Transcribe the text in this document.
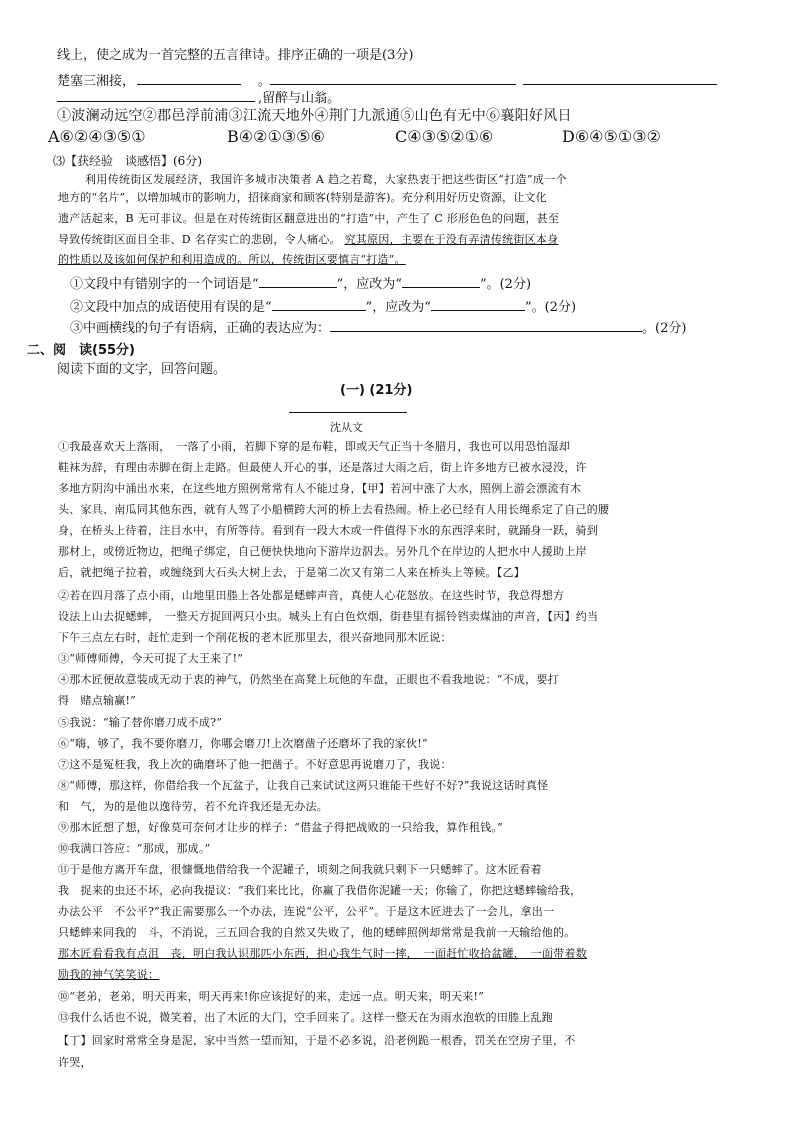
线上，使之成为一首完整的五言律诗。排序正确的一项是(3分)
楚塞三湘接，	。
,留醉与山翁。
①波澜动远空②郡邑浮前浦③江流天地外④荆门九派通⑤山色有无中⑥襄阳好风日
A⑥②④③⑤①	B④②①③⑤⑥	C④③⑤②①⑥	D⑥④⑤①③②
⑶【获经验　谈感悟】(6分)
利用传统街区发展经济，我国许多城市决策者 A 趋之若鹜，大家热衷于把这些街区“打造”成一个
地方的“名片”，以增加城市的影响力，招徕商家和顾客(特别是游客)。充分利用好历史资源，让文化
遗产活起来，B 无可非议。但是在对传统街区翻意进出的“打造”中，产生了 C 形形色色的问题，甚至
导致传统街区面目全非、D 名存实亡的悲剧，令人痛心。 究其原因，主要在于没有弄清传统街区本身
的性质以及该如何保护和利用造成的。所以，传统街区要慎言“打造”。
①文段中有错别字的一个词语是“	”，应改为“	”。(2分)
②文段中加点的成语使用有误的是“	”，应改为“	”。(2分)
③中画横线的句子有语病，正确的表达应为：	。(2分)
二、阅　读(55分)
阅读下面的文字，回答问题。
(一) (21分)
沈从文
①我最喜欢天上落雨，　一落了小雨，若脚下穿的是布鞋，即或天气正当十冬腊月，我也可以用恐怕湿却
鞋袜为辞，有理由赤脚在街上走路。但最使人开心的事，还是落过大雨之后，街上许多地方已被水浸没，许
多地方阴沟中涌出水来，在这些地方照例常常有人不能过身，【甲】若河中涨了大水，照例上游会漂流有木
头、家具、南瓜同其他东西，就有人驾了小船横跨大河的桥上去看热闹。桥上必已经有人用长绳系定了自己的腰
身，在桥头上待着，注目水中，有所等待。看到有一段大木或一件值得下水的东西浮来时，就踊身一跃，骑到
那材上，或傍近物边，把绳子绑定，自己便快快地向下游岸边泅去。另外几个在岸边的人把水中人援助上岸
后，就把绳子拉着，或缠绕到大石头大树上去，于是第二次又有第二人来在桥头上等候。【乙】
②若在四月落了点小雨，山地里田塍上各处都是蟋蟀声音，真使人心花怒放。在这些时节，我总得想方
设法上山去捉蟋蟀，　一整天方捉回两只小虫。城头上有白色炊烟，街巷里有摇铃铛卖煤油的声音，【丙】约当
下午三点左右时，赶忙走到一个削花板的老木匠那里去，很兴奋地同那木匠说：
③“师傅师傅，今天可捉了大王来了!”
④那木匠便故意装成无动于衷的神气，仍然坐在高凳上玩他的车盘，正眼也不看我地说：“不成，要打
得　赌点输赢!”
⑤我说：“输了替你磨刀成不成?”
⑥“嗨，够了，我不要你磨刀，你哪会磨刀!上次磨凿子还磨坏了我的家伙!”
⑦这不是冤枉我，我上次的确磨坏了他一把凿子。不好意思再说磨刀了，我说：
⑧“师傅，那这样，你借给我一个瓦盆子，让我自己来试试这两只谁能干些好不好?”我说这话时真怪
和　气，为的是他以逸待劳，若不允许我还是无办法。
⑨那木匠想了想，好像莫可奈何才让步的样子：“借盆子得把战败的一只给我，算作租钱。”
⑩我满口答应：“那成，那成。”
⑪于是他方离开车盘，很慷慨地借给我一个泥罐子，顷刻之间我就只剩下一只蟋蟀了。这木匠看着
我　捉来的虫还不坏，必向我提议：“我们来比比，你赢了我借你泥罐一天；你输了，你把这蟋蟀输给我，
办法公平　不公平?”我正需要那么一个办法，连说“公平，公平”。于是这木匠进去了一会儿，拿出一
只蟋蟀来同我的　斗，不消说，三五回合我的自然又失败了，他的蟋蟀照例却常常是我前一天输给他的。
那木匠看看我有点沮　丧，明白我认识那匹小东西，担心我生气时一摔，　一面赶忙收拾盆罐，　一面带着数
励我的神气笑笑说：
⑩“老弟，老弟，明天再来，明天再来!你应该捉好的来，走远一点。明天来，明天来!”
⑬我什么话也不说，微笑着，出了木匠的大门，空手回来了。这样一整天在为雨水泡软的田塍上乱跑
【丁】回家时常常全身是泥，家中当然一望而知，于是不必多说，沿老例跪一根香，罚关在空房子里，不
许哭，
